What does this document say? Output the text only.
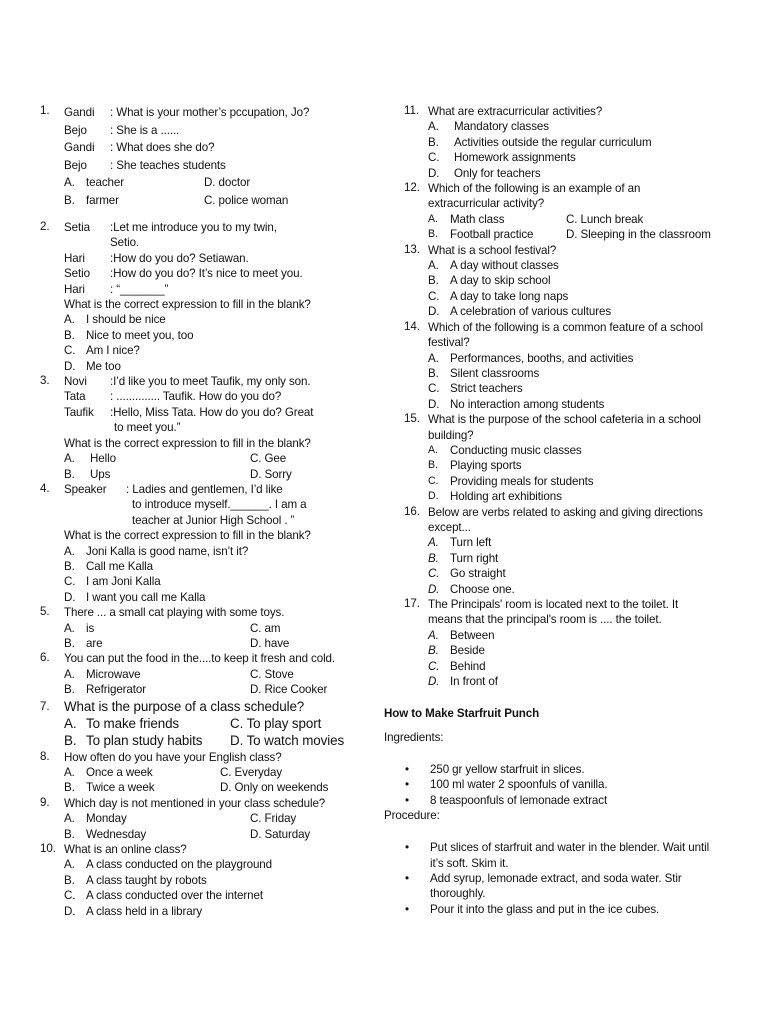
1.	Gandi	: What is your mother’s pccupation, Jo?
Bejo	: She is a ......
Gandi	: What does she do?
Bejo	: She teaches students
A. teacher	D. doctor
B. farmer	C. police woman
2.	Setia	:Let me introduce you to my twin,
Setio.
Hari	:How do you do? Setiawan.
Setio	:How do you do? It’s nice to meet you.
Hari	: “_______”
What is the correct expression to fill in the blank?
A. I should be nice
B. Nice to meet you, too
C. Am I nice?
D. Me too
3.	Novi	:I’d like you to meet Taufik, my only son.
Tata	: .............. Taufik. How do you do?
Taufik	:Hello, Miss Tata. How do you do? Great
to meet you.”
What is the correct expression to fill in the blank?
A.	Hello	C. Gee
B.	Ups	D. Sorry
4.	Speaker	: Ladies and gentlemen, I’d like
to introduce myself.______. I am a
teacher at Junior High School . ”
What is the correct expression to fill in the blank?
A. Joni Kalla is good name, isn’t it?
B. Call me Kalla
C. I am Joni Kalla
D. I want you call me Kalla
5.	There ... a small cat playing with some toys.
A. is	C. am
B. are	D. have
6.	You can put the food in the....to keep it fresh and cold.
A. Microwave	C. Stove
B. Refrigerator	D. Rice Cooker
7.	What is the purpose of a class schedule?
A. To make friends	C. To play sport
B. To plan study habits D. To watch movies
8.	How often do you have your English class?
A. Once a week	C. Everyday
B. Twice a week	D. Only on weekends
9.	Which day is not mentioned in your class schedule?
A. Monday	C. Friday
B. Wednesday	D. Saturday
10. What is an online class?
A. A class conducted on the playground
B. A class taught by robots
C. A class conducted over the internet
D. A class held in a library
11. What are extracurricular activities?
A.	Mandatory classes
B.	Activities outside the regular curriculum
C.	Homework assignments
D.	Only for teachers
12. Which of the following is an example of an
extracurricular activity?
A.	Math class	C. Lunch break
B.	Football practice	D. Sleeping in the classroom
13. What is a school festival?
A. A day without classes
B. A day to skip school
C. A day to take long naps
D. A celebration of various cultures
14. Which of the following is a common feature of a school
festival?
A. Performances, booths, and activities
B. Silent classrooms
C. Strict teachers
D. No interaction among students
15. What is the purpose of the school cafeteria in a school
building?
A.	Conducting music classes
B.	Playing sports
C. Providing meals for students
D. Holding art exhibitions
16. Below are verbs related to asking and giving directions
except...
A. Turn left
B. Turn right
C. Go straight
D. Choose one.
17. The Principals' room is located next to the toilet. It
means that the principal's room is .... the toilet.
A. Between
B. Beside
C. Behind
D. In front of
How to Make Starfruit Punch
Ingredients:
•
250 gr yellow starfruit in slices.
•
100 ml water 2 spoonfuls of vanilla.
•
8 teaspoonfuls of lemonade extract
Procedure:
•
Put slices of starfruit and water in the blender. Wait until
it’s soft. Skim it.
•
Add syrup, lemonade extract, and soda water. Stir
thoroughly.
•
Pour it into the glass and put in the ice cubes.
